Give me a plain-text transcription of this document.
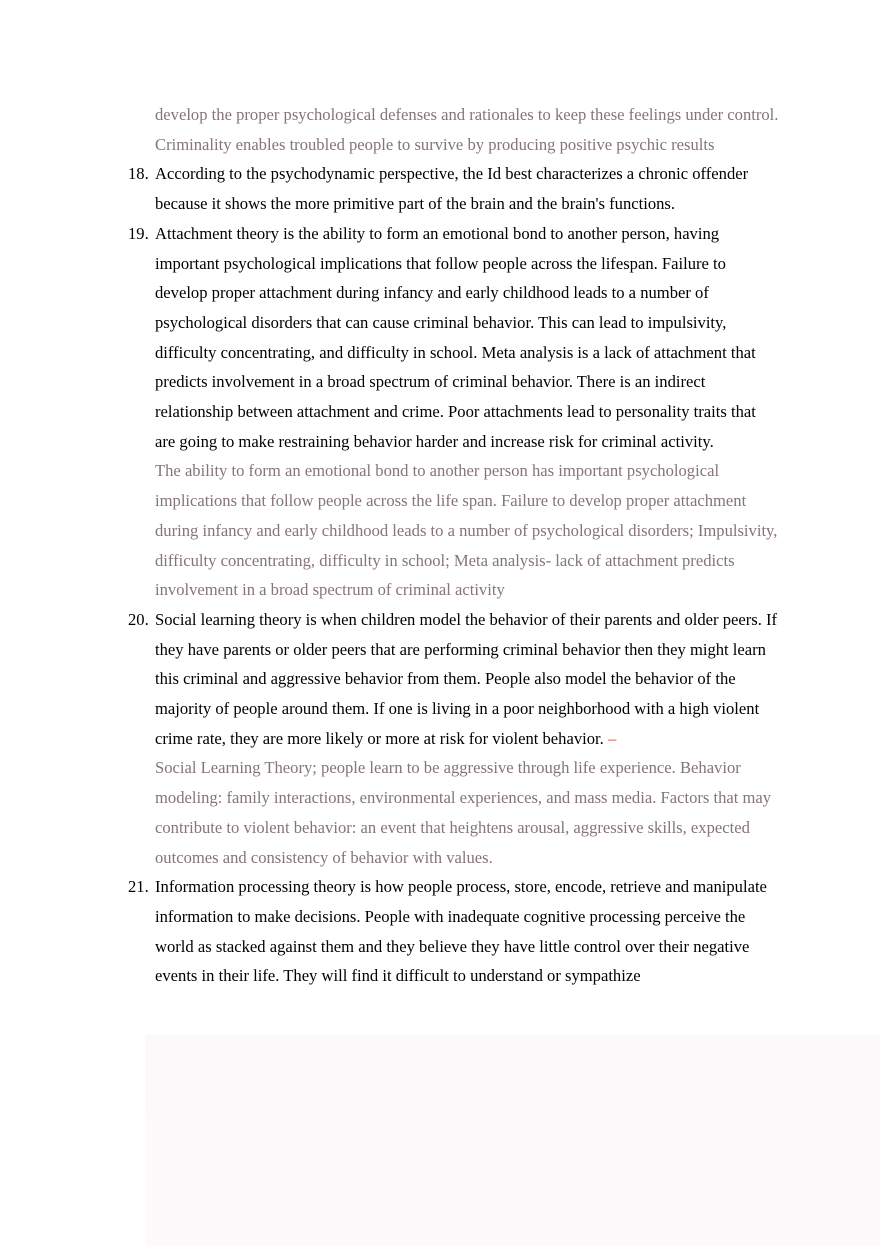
develop the proper psychological defenses and rationales to keep these feelings under control. Criminality enables troubled people to survive by producing positive psychic results

18. According to the psychodynamic perspective, the Id best characterizes a chronic offender because it shows the more primitive part of the brain and the brain's functions.

19. Attachment theory is the ability to form an emotional bond to another person, having important psychological implications that follow people across the lifespan. Failure to develop proper attachment during infancy and early childhood leads to a number of psychological disorders that can cause criminal behavior. This can lead to impulsivity, difficulty concentrating, and difficulty in school. Meta analysis is a lack of attachment that predicts involvement in a broad spectrum of criminal behavior. There is an indirect relationship between attachment and crime. Poor attachments lead to personality traits that are going to make restraining behavior harder and increase risk for criminal activity.

The ability to form an emotional bond to another person has important psychological implications that follow people across the life span. Failure to develop proper attachment during infancy and early childhood leads to a number of psychological disorders; Impulsivity, difficulty concentrating, difficulty in school; Meta analysis- lack of attachment predicts involvement in a broad spectrum of criminal activity

20. Social learning theory is when children model the behavior of their parents and older peers. If they have parents or older peers that are performing criminal behavior then they might learn this criminal and aggressive behavior from them. People also model the behavior of the majority of people around them. If one is living in a poor neighborhood with a high violent crime rate, they are more likely or more at risk for violent behavior. –

Social Learning Theory; people learn to be aggressive through life experience. Behavior modeling: family interactions, environmental experiences, and mass media. Factors that may contribute to violent behavior: an event that heightens arousal, aggressive skills, expected outcomes and consistency of behavior with values.

21. Information processing theory is how people process, store, encode, retrieve and manipulate information to make decisions. People with inadequate cognitive processing perceive the world as stacked against them and they believe they have little control over their negative events in their life. They will find it difficult to understand or sympathize
